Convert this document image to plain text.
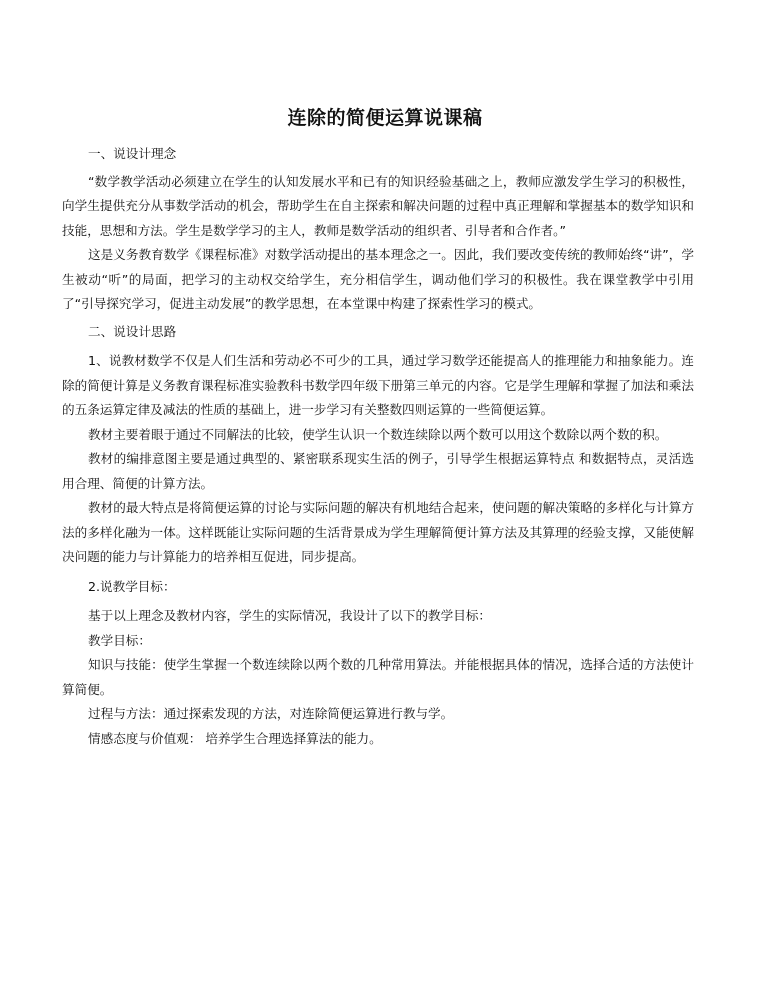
连除的简便运算说课稿

一、说设计理念

“数学教学活动必须建立在学生的认知发展水平和已有的知识经验基础之上，教师应激发学生学习的积极性，向学生提供充分从事数学活动的机会，帮助学生在自主探索和解决问题的过程中真正理解和掌握基本的数学知识和技能，思想和方法。学生是数学学习的主人，教师是数学活动的组织者、引导者和合作者。”

这是义务教育数学《课程标准》对数学活动提出的基本理念之一。因此，我们要改变传统的教师始终“讲”，学生被动“听”的局面，把学习的主动权交给学生，充分相信学生，调动他们学习的积极性。我在课堂教学中引用了“引导探究学习，促进主动发展”的教学思想，在本堂课中构建了探索性学习的模式。

二、说设计思路

1、说教材数学不仅是人们生活和劳动必不可少的工具，通过学习数学还能提高人的推理能力和抽象能力。连除的简便计算是义务教育课程标准实验教科书数学四年级下册第三单元的内容。它是学生理解和掌握了加法和乘法的五条运算定律及减法的性质的基础上，进一步学习有关整数四则运算的一些简便运算。

教材主要着眼于通过不同解法的比较，使学生认识一个数连续除以两个数可以用这个数除以两个数的积。

教材的编排意图主要是通过典型的、紧密联系现实生活的例子，引导学生根据运算特点 和数据特点，灵活选用合理、简便的计算方法。

教材的最大特点是将简便运算的讨论与实际问题的解决有机地结合起来，使问题的解决策略的多样化与计算方法的多样化融为一体。这样既能让实际问题的生活背景成为学生理解简便计算方法及其算理的经验支撑，又能使解决问题的能力与计算能力的培养相互促进，同步提高。

2.说教学目标：

基于以上理念及教材内容，学生的实际情况，我设计了以下的教学目标：

教学目标：

知识与技能：使学生掌握一个数连续除以两个数的几种常用算法。并能根据具体的情况，选择合适的方法使计算简便。

过程与方法：通过探索发现的方法，对连除简便运算进行教与学。

情感态度与价值观： 培养学生合理选择算法的能力。
